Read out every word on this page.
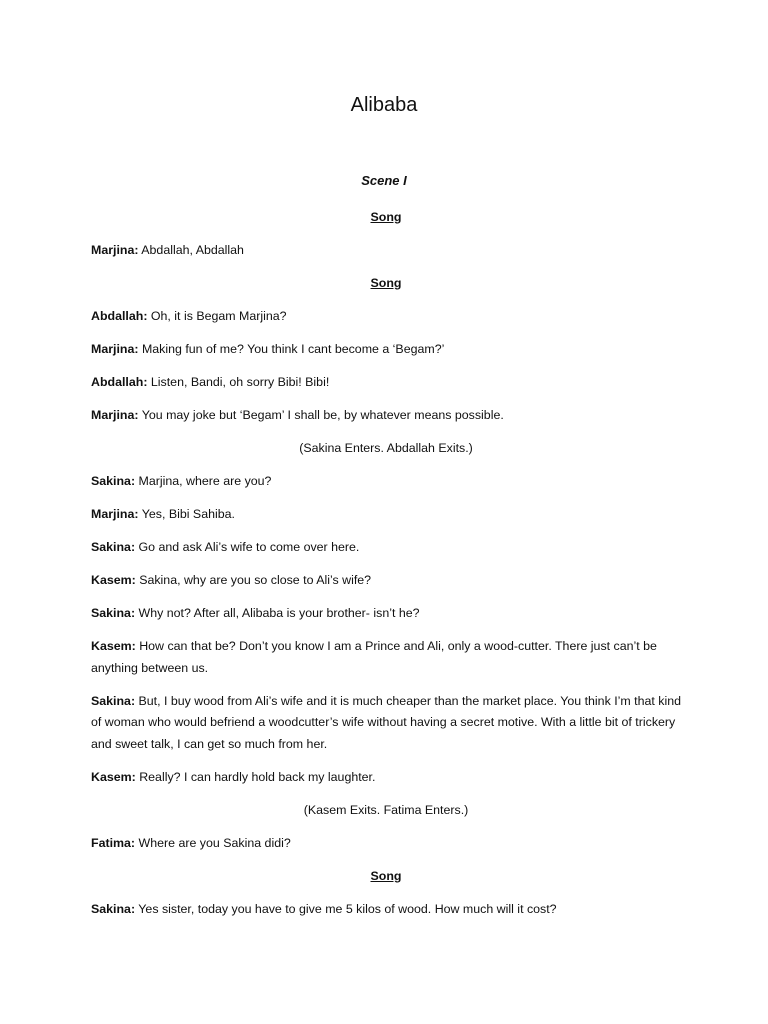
Alibaba

Scene I

Song

Marjina: Abdallah, Abdallah

Song

Abdallah: Oh, it is Begam Marjina?

Marjina: Making fun of me? You think I cant become a ‘Begam?’

Abdallah: Listen, Bandi, oh sorry Bibi! Bibi!

Marjina: You may joke but ‘Begam’ I shall be, by whatever means possible.

(Sakina Enters. Abdallah Exits.)

Sakina: Marjina, where are you?

Marjina: Yes, Bibi Sahiba.

Sakina: Go and ask Ali’s wife to come over here.

Kasem: Sakina, why are you so close to Ali’s wife?

Sakina: Why not? After all, Alibaba is your brother- isn’t he?

Kasem: How can that be? Don’t you know I am a Prince and Ali, only a wood-cutter. There just can’t be anything between us.

Sakina: But, I buy wood from Ali’s wife and it is much cheaper than the market place. You think I’m that kind of woman who would befriend a woodcutter’s wife without having a secret motive. With a little bit of trickery and sweet talk, I can get so much from her.

Kasem: Really? I can hardly hold back my laughter.

(Kasem Exits. Fatima Enters.)

Fatima: Where are you Sakina didi?

Song

Sakina: Yes sister, today you have to give me 5 kilos of wood. How much will it cost?
